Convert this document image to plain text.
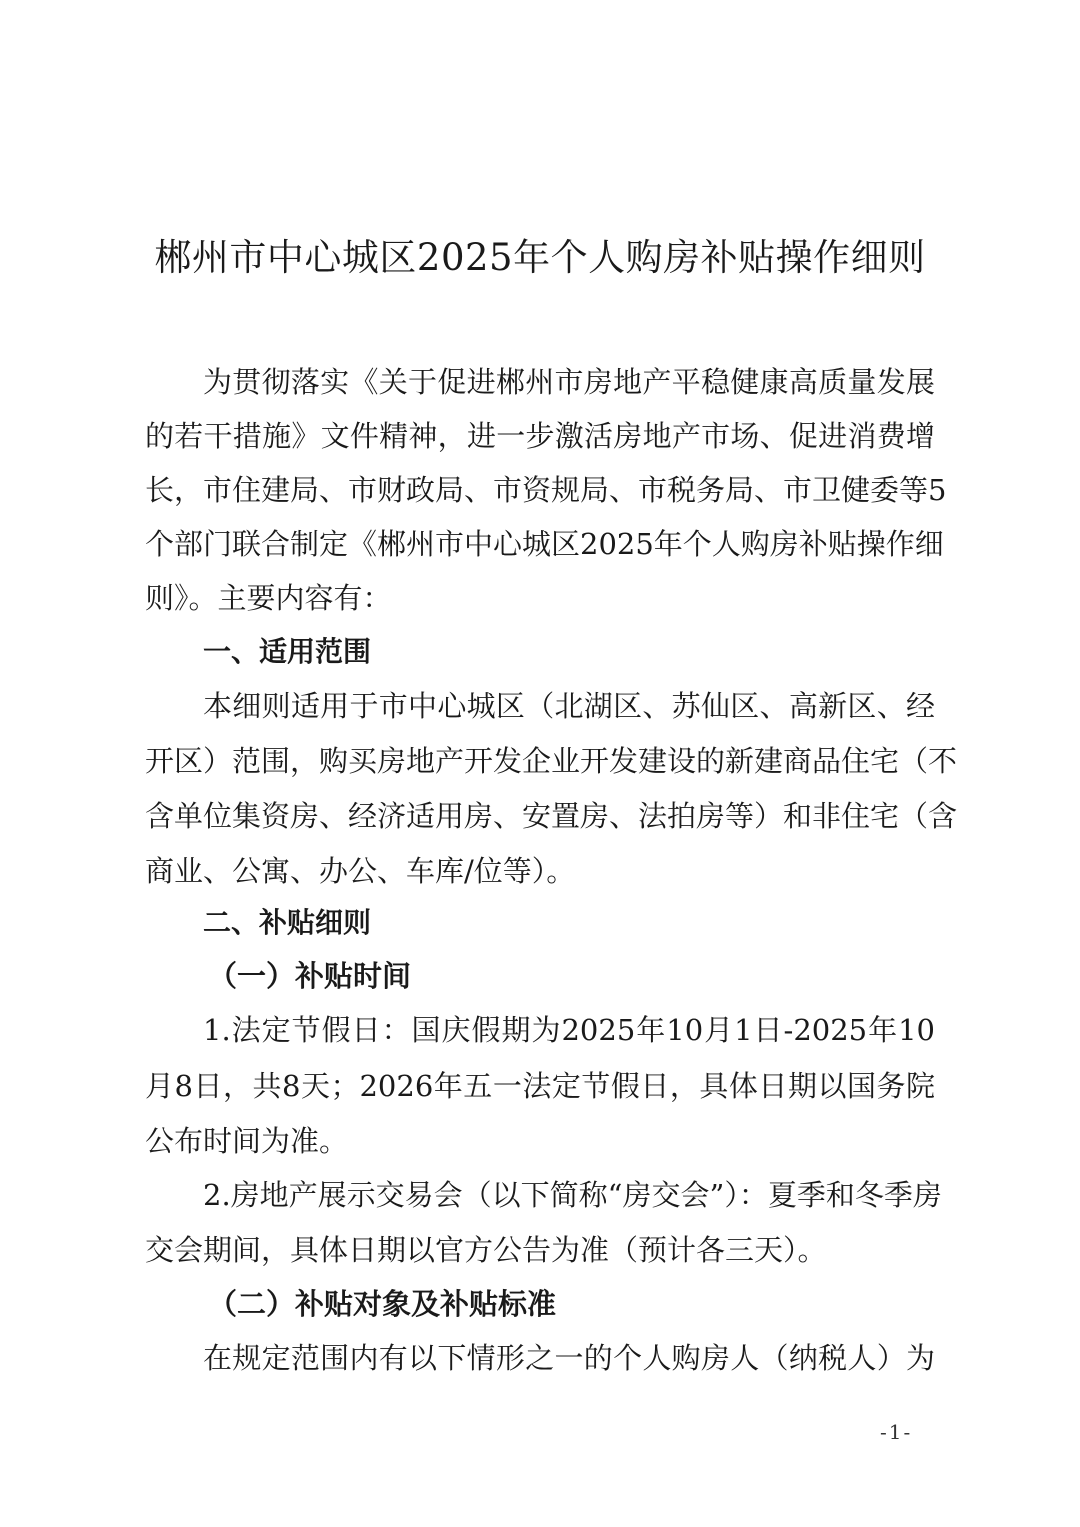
郴州市中心城区2025年个人购房补贴操作细则

为贯彻落实《关于促进郴州市房地产平稳健康高质量发展

的若干措施》文件精神，进一步激活房地产市场、促进消费增

长，市住建局、市财政局、市资规局、市税务局、市卫健委等5

个部门联合制定《郴州市中心城区2025年个人购房补贴操作细

则》。主要内容有：

一、适用范围

本细则适用于市中心城区（北湖区、苏仙区、高新区、经

开区）范围，购买房地产开发企业开发建设的新建商品住宅（不

含单位集资房、经济适用房、安置房、法拍房等）和非住宅（含

商业、公寓、办公、车库/位等）。

二、补贴细则

（一）补贴时间

1.法定节假日：国庆假期为2025年10月1日-2025年10

月8日，共8天；2026年五一法定节假日，具体日期以国务院

公布时间为准。

2.房地产展示交易会（以下简称“房交会”）：夏季和冬季房

交会期间，具体日期以官方公告为准（预计各三天）。

（二）补贴对象及补贴标准

在规定范围内有以下情形之一的个人购房人（纳税人）为

-1-
